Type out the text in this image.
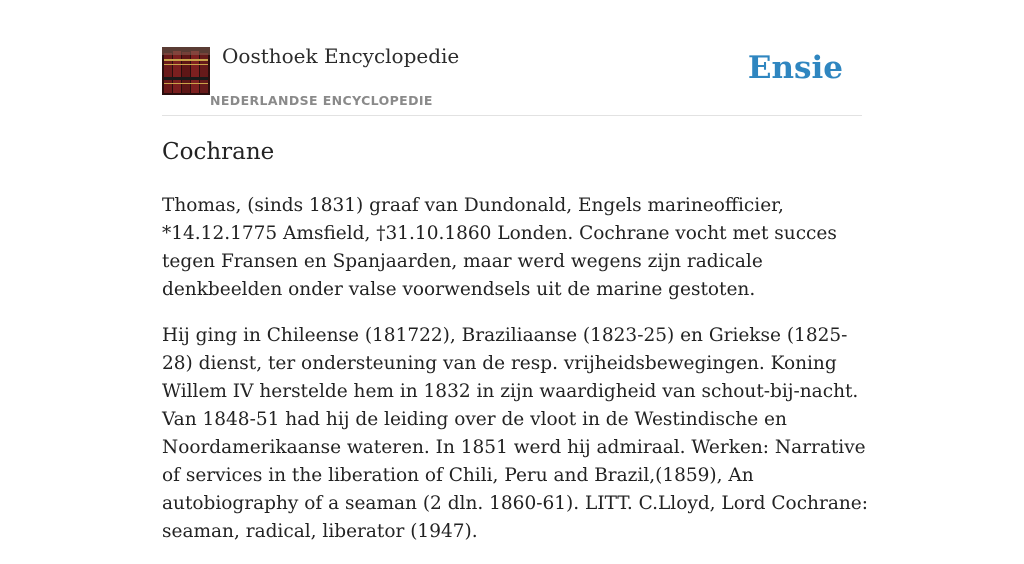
Oosthoek Encyclopedie
NEDERLANDSE ENCYCLOPEDIE
Ensie
Cochrane

Thomas, (sinds 1831) graaf van Dundonald, Engels marineofficier, *14.12.1775 Amsfield, †31.10.1860 Londen. Cochrane vocht met succes tegen Fransen en Spanjaarden, maar werd wegens zijn radicale denkbeelden onder valse voorwendsels uit de marine gestoten.

Hij ging in Chileense (181722), Braziliaanse (1823-25) en Griekse (1825-28) dienst, ter ondersteuning van de resp. vrijheidsbewegingen. Koning Willem IV herstelde hem in 1832 in zijn waardigheid van schout-bij-nacht. Van 1848-51 had hij de leiding over de vloot in de Westindische en Noordamerikaanse wateren. In 1851 werd hij admiraal. Werken: Narrative of services in the liberation of Chili, Peru and Brazil,(1859), An autobiography of a seaman (2 dln. 1860-61). LITT. C.Lloyd, Lord Cochrane: seaman, radical, liberator (1947).
